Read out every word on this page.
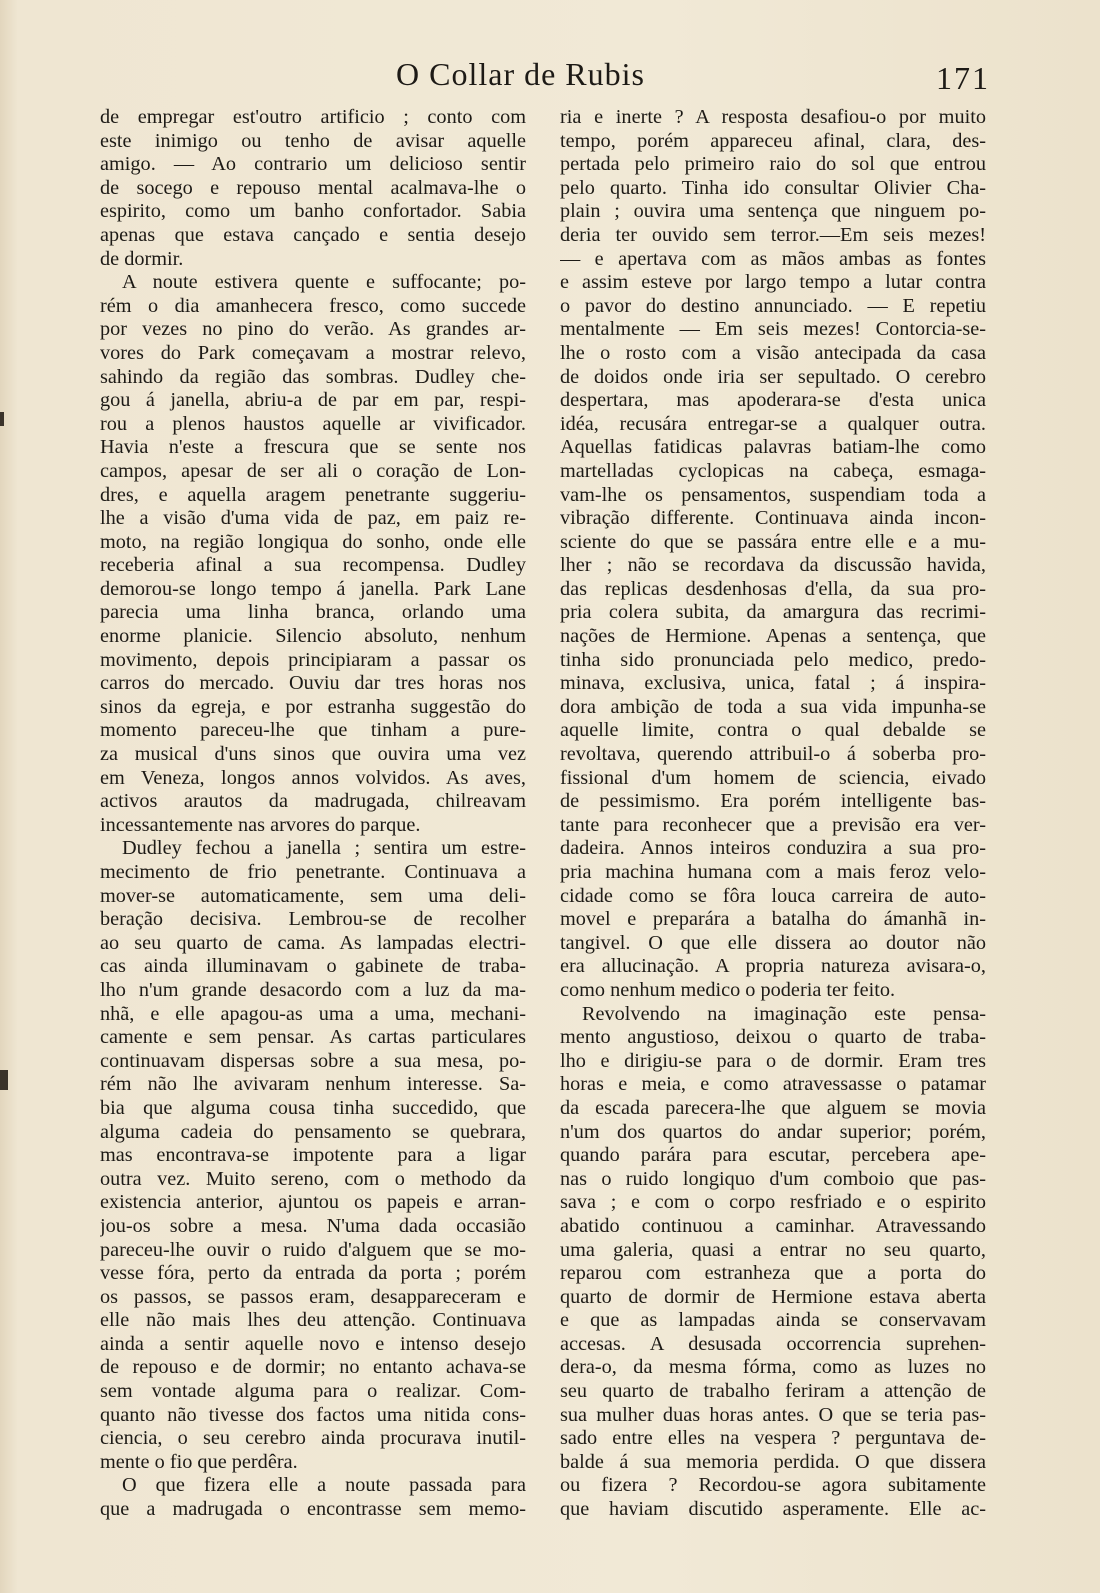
O Collar de Rubis	171
de empregar est'outro artificio ; conto com
este inimigo ou tenho de avisar aquelle
amigo. — Ao contrario um delicioso sentir
de socego e repouso mental acalmava-lhe o
espirito, como um banho confortador. Sabia
apenas que estava cançado e sentia desejo
de dormir.
A noute estivera quente e suffocante; po-
rém o dia amanhecera fresco, como succede
por vezes no pino do verão. As grandes ar-
vores do Park começavam a mostrar relevo,
sahindo da região das sombras. Dudley che-
gou á janella, abriu-a de par em par, respi-
rou a plenos haustos aquelle ar vivificador.
Havia n'este a frescura que se sente nos
campos, apesar de ser ali o coração de Lon-
dres, e aquella aragem penetrante suggeriu-
lhe a visão d'uma vida de paz, em paiz re-
moto, na região longiqua do sonho, onde elle
receberia afinal a sua recompensa. Dudley
demorou-se longo tempo á janella. Park Lane
parecia uma linha branca, orlando uma
enorme planicie. Silencio absoluto, nenhum
movimento, depois principiaram a passar os
carros do mercado. Ouviu dar tres horas nos
sinos da egreja, e por estranha suggestão do
momento pareceu-lhe que tinham a pure-
za musical d'uns sinos que ouvira uma vez
em Veneza, longos annos volvidos. As aves,
activos arautos da madrugada, chilreavam
incessantemente nas arvores do parque.
Dudley fechou a janella ; sentira um estre-
mecimento de frio penetrante. Continuava a
mover-se automaticamente, sem uma deli-
beração decisiva. Lembrou-se de recolher
ao seu quarto de cama. As lampadas electri-
cas ainda illuminavam o gabinete de traba-
lho n'um grande desacordo com a luz da ma-
nhã, e elle apagou-as uma a uma, mechani-
camente e sem pensar. As cartas particulares
continuavam dispersas sobre a sua mesa, po-
rém não lhe avivaram nenhum interesse. Sa-
bia que alguma cousa tinha succedido, que
alguma cadeia do pensamento se quebrara,
mas encontrava-se impotente para a ligar
outra vez. Muito sereno, com o methodo da
existencia anterior, ajuntou os papeis e arran-
jou-os sobre a mesa. N'uma dada occasião
pareceu-lhe ouvir o ruido d'alguem que se mo-
vesse fóra, perto da entrada da porta ; porém
os passos, se passos eram, desappareceram e
elle não mais lhes deu attenção. Continuava
ainda a sentir aquelle novo e intenso desejo
de repouso e de dormir; no entanto achava-se
sem vontade alguma para o realizar. Com-
quanto não tivesse dos factos uma nitida cons-
ciencia, o seu cerebro ainda procurava inutil-
mente o fio que perdêra.
O que fizera elle a noute passada para
que a madrugada o encontrasse sem memo-
ria e inerte ? A resposta desafiou-o por muito
tempo, porém appareceu afinal, clara, des-
pertada pelo primeiro raio do sol que entrou
pelo quarto. Tinha ido consultar Olivier Cha-
plain ; ouvira uma sentença que ninguem po-
deria ter ouvido sem terror.—Em seis mezes!
— e apertava com as mãos ambas as fontes
e assim esteve por largo tempo a lutar contra
o pavor do destino annunciado. — E repetiu
mentalmente — Em seis mezes! Contorcia-se-
lhe o rosto com a visão antecipada da casa
de doidos onde iria ser sepultado. O cerebro
despertara, mas apoderara-se d'esta unica
idéa, recusára entregar-se a qualquer outra.
Aquellas fatidicas palavras batiam-lhe como
martelladas cyclopicas na cabeça, esmaga-
vam-lhe os pensamentos, suspendiam toda a
vibração differente. Continuava ainda incon-
sciente do que se passára entre elle e a mu-
lher ; não se recordava da discussão havida,
das replicas desdenhosas d'ella, da sua pro-
pria colera subita, da amargura das recrimi-
nações de Hermione. Apenas a sentença, que
tinha sido pronunciada pelo medico, predo-
minava, exclusiva, unica, fatal ; á inspira-
dora ambição de toda a sua vida impunha-se
aquelle limite, contra o qual debalde se
revoltava, querendo attribuil-o á soberba pro-
fissional d'um homem de sciencia, eivado
de pessimismo. Era porém intelligente bas-
tante para reconhecer que a previsão era ver-
dadeira. Annos inteiros conduzira a sua pro-
pria machina humana com a mais feroz velo-
cidade como se fôra louca carreira de auto-
movel e preparára a batalha do ámanhã in-
tangivel. O que elle dissera ao doutor não
era allucinação. A propria natureza avisara-o,
como nenhum medico o poderia ter feito.
Revolvendo na imaginação este pensa-
mento angustioso, deixou o quarto de traba-
lho e dirigiu-se para o de dormir. Eram tres
horas e meia, e como atravessasse o patamar
da escada parecera-lhe que alguem se movia
n'um dos quartos do andar superior; porém,
quando parára para escutar, percebera ape-
nas o ruido longiquo d'um comboio que pas-
sava ; e com o corpo resfriado e o espirito
abatido continuou a caminhar. Atravessando
uma galeria, quasi a entrar no seu quarto,
reparou com estranheza que a porta do
quarto de dormir de Hermione estava aberta
e que as lampadas ainda se conservavam
accesas. A desusada occorrencia suprehen-
dera-o, da mesma fórma, como as luzes no
seu quarto de trabalho feriram a attenção de
sua mulher duas horas antes. O que se teria pas-
sado entre elles na vespera ? perguntava de-
balde á sua memoria perdida. O que dissera
ou fizera ? Recordou-se agora subitamente
que haviam discutido asperamente. Elle ac-
